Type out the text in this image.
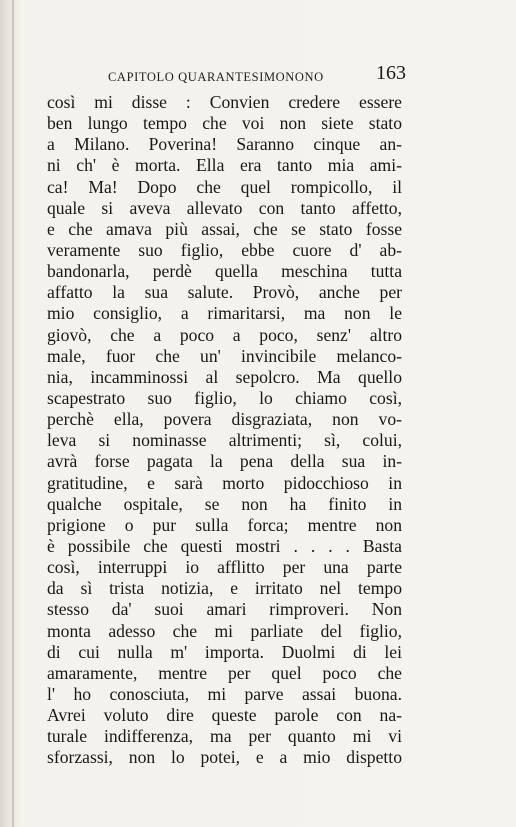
CAPITOLO QUARANTESIMONONO	163
così mi disse : Convien credere essere
ben lungo tempo che voi non siete stato
a Milano. Poverina! Saranno cinque an-
ni ch' è morta. Ella era tanto mia ami-
ca! Ma! Dopo che quel rompicollo, il
quale si aveva allevato con tanto affetto,
e che amava più assai, che se stato fosse
veramente suo figlio, ebbe cuore d' ab-
bandonarla, perdè quella meschina tutta
affatto la sua salute. Provò, anche per
mio consiglio, a rimaritarsi, ma non le
giovò, che a poco a poco, senz' altro
male, fuor che un' invincibile melanco-
nia, incamminossi al sepolcro. Ma quello
scapestrato suo figlio, lo chiamo così,
perchè ella, povera disgraziata, non vo-
leva si nominasse altrimenti; sì, colui,
avrà forse pagata la pena della sua in-
gratitudine, e sarà morto pidocchioso in
qualche ospitale, se non ha finito in
prigione o pur sulla forca; mentre non
è possibile che questi mostri . . . . Basta
così, interruppi io afflitto per una parte
da sì trista notizia, e irritato nel tempo
stesso da' suoi amari rimproveri. Non
monta adesso che mi parliate del figlio,
di cui nulla m' importa. Duolmi di lei
amaramente, mentre per quel poco che
l' ho conosciuta, mi parve assai buona.
Avrei voluto dire queste parole con na-
turale indifferenza, ma per quanto mi vi
sforzassi, non lo potei, e a mio dispetto
